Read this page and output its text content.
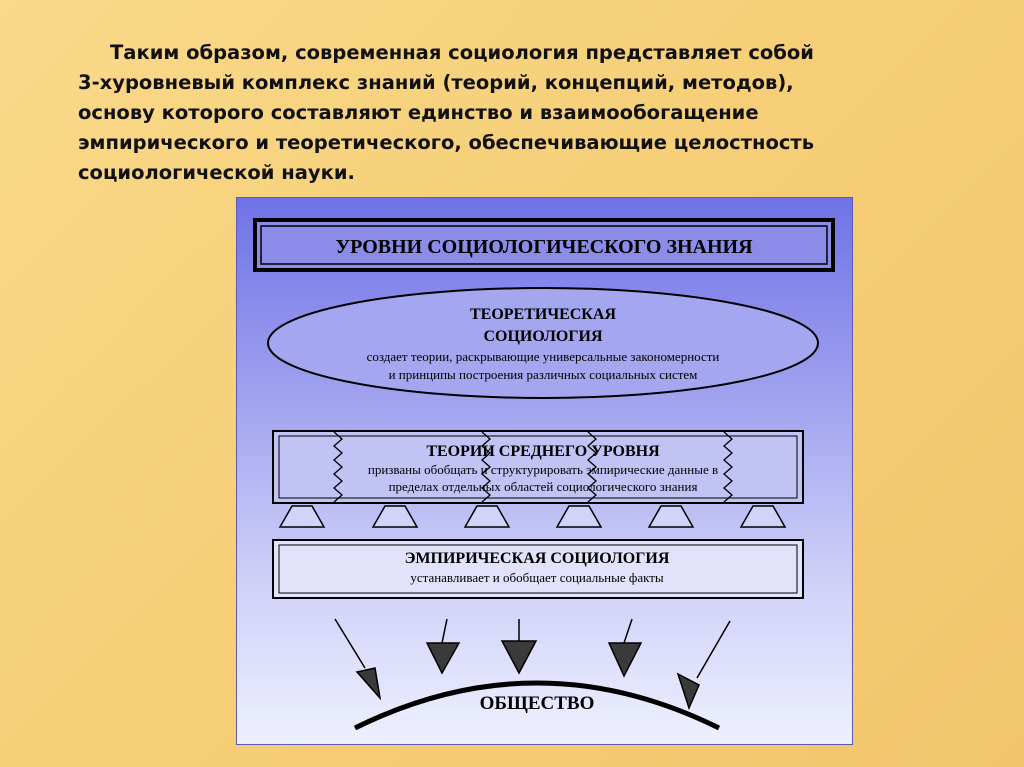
Таким образом, современная социология представляет собой
3-хуровневый комплекс знаний (теорий, концепций, методов),
основу которого составляют единство и взаимообогащение
эмпирического и теоретического, обеспечивающие целостность
социологической науки.
УРОВНИ СОЦИОЛОГИЧЕСКОГО ЗНАНИЯ
ТЕОРЕТИЧЕСКАЯ
СОЦИОЛОГИЯ
создает теории, раскрывающие универсальные закономерности
и принципы построения различных социальных систем
ТЕОРИИ СРЕДНЕГО УРОВНЯ
призваны обобщать и структурировать эмпирические данные в
пределах отдельных областей социологического знания
ЭМПИРИЧЕСКАЯ СОЦИОЛОГИЯ
устанавливает и обобщает социальные факты
ОБЩЕСТВО
